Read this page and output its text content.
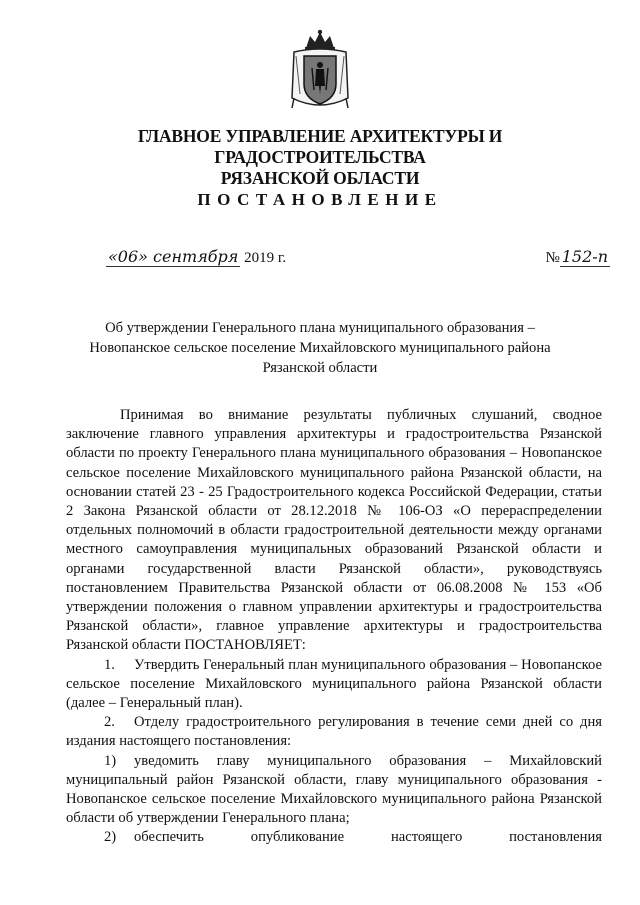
ГЛАВНОЕ УПРАВЛЕНИЕ АРХИТЕКТУРЫ И ГРАДОСТРОИТЕЛЬСТВА
РЯЗАНСКОЙ ОБЛАСТИ
ПОСТАНОВЛЕНИЕ
«06» сентября 2019 г.	№ 152-п
Об утверждении Генерального плана муниципального образования –
Новопанское сельское поселение Михайловского муниципального района
Рязанской области

Принимая во внимание результаты публичных слушаний, сводное заключение главного управления архитектуры и градостроительства Рязанской области по проекту Генерального плана муниципального образования – Новопанское сельское поселение Михайловского муниципального района Рязанской области, на основании статей 23 - 25 Градостроительного кодекса Российской Федерации, статьи 2 Закона Рязанской области от 28.12.2018 № 106-ОЗ «О перераспределении отдельных полномочий в области градостроительной деятельности между органами местного самоуправления муниципальных образований Рязанской области и органами государственной власти Рязанской области», руководствуясь постановлением Правительства Рязанской области от 06.08.2008 № 153 «Об утверждении положения о главном управлении архитектуры и градостроительства Рязанской области», главное управление архитектуры и градостроительства Рязанской области ПОСТАНОВЛЯЕТ:

1. Утвердить Генеральный план муниципального образования – Новопанское сельское поселение Михайловского муниципального района Рязанской области (далее – Генеральный план).

2. Отделу градостроительного регулирования в течение семи дней со дня издания настоящего постановления:

1) уведомить главу муниципального образования – Михайловский муниципальный район Рязанской области, главу муниципального образования - Новопанское сельское поселение Михайловского муниципального района Рязанской области об утверждении Генерального плана;

2) обеспечить опубликование настоящего постановления
